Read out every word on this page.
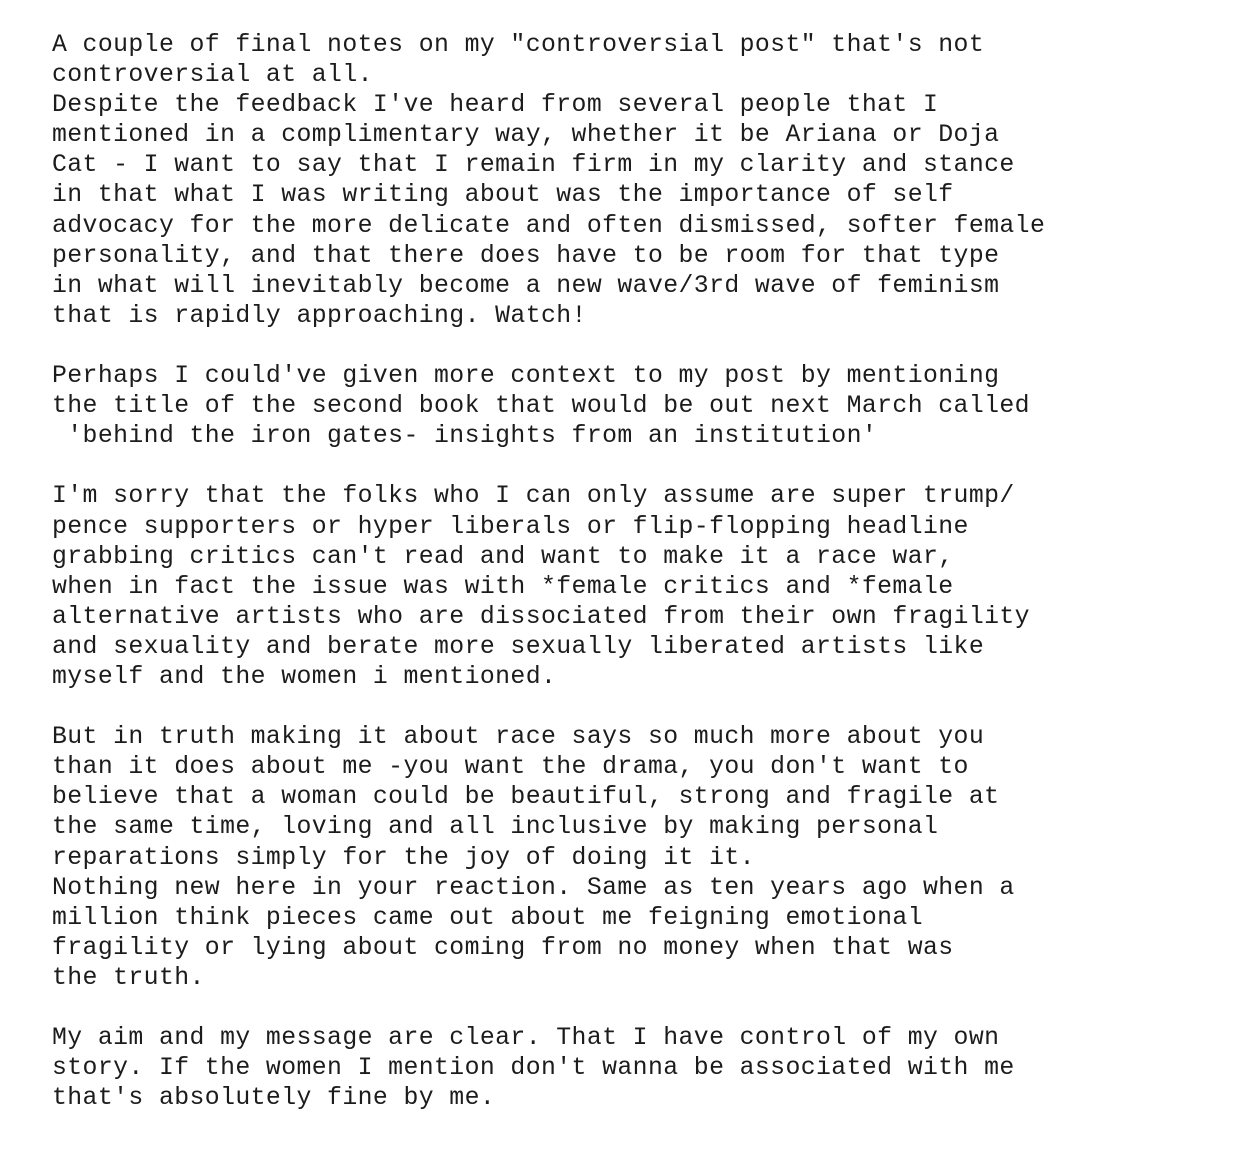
A couple of final notes on my "controversial post" that's not
controversial at all.
Despite the feedback I've heard from several people that I
mentioned in a complimentary way, whether it be Ariana or Doja
Cat - I want to say that I remain firm in my clarity and stance
in that what I was writing about was the importance of self
advocacy for the more delicate and often dismissed, softer female
personality, and that there does have to be room for that type
in what will inevitably become a new wave/3rd wave of feminism
that is rapidly approaching. Watch!
Perhaps I could've given more context to my post by mentioning
the title of the second book that would be out next March called
'behind the iron gates- insights from an institution'
I'm sorry that the folks who I can only assume are super trump/
pence supporters or hyper liberals or flip-flopping headline
grabbing critics can't read and want to make it a race war,
when in fact the issue was with *female critics and *female
alternative artists who are dissociated from their own fragility
and sexuality and berate more sexually liberated artists like
myself and the women i mentioned.
But in truth making it about race says so much more about you
than it does about me -you want the drama, you don't want to
believe that a woman could be beautiful, strong and fragile at
the same time, loving and all inclusive by making personal
reparations simply for the joy of doing it it.
Nothing new here in your reaction. Same as ten years ago when a
million think pieces came out about me feigning emotional
fragility or lying about coming from no money when that was
the truth.
My aim and my message are clear. That I have control of my own
story. If the women I mention don't wanna be associated with me
that's absolutely fine by me.
